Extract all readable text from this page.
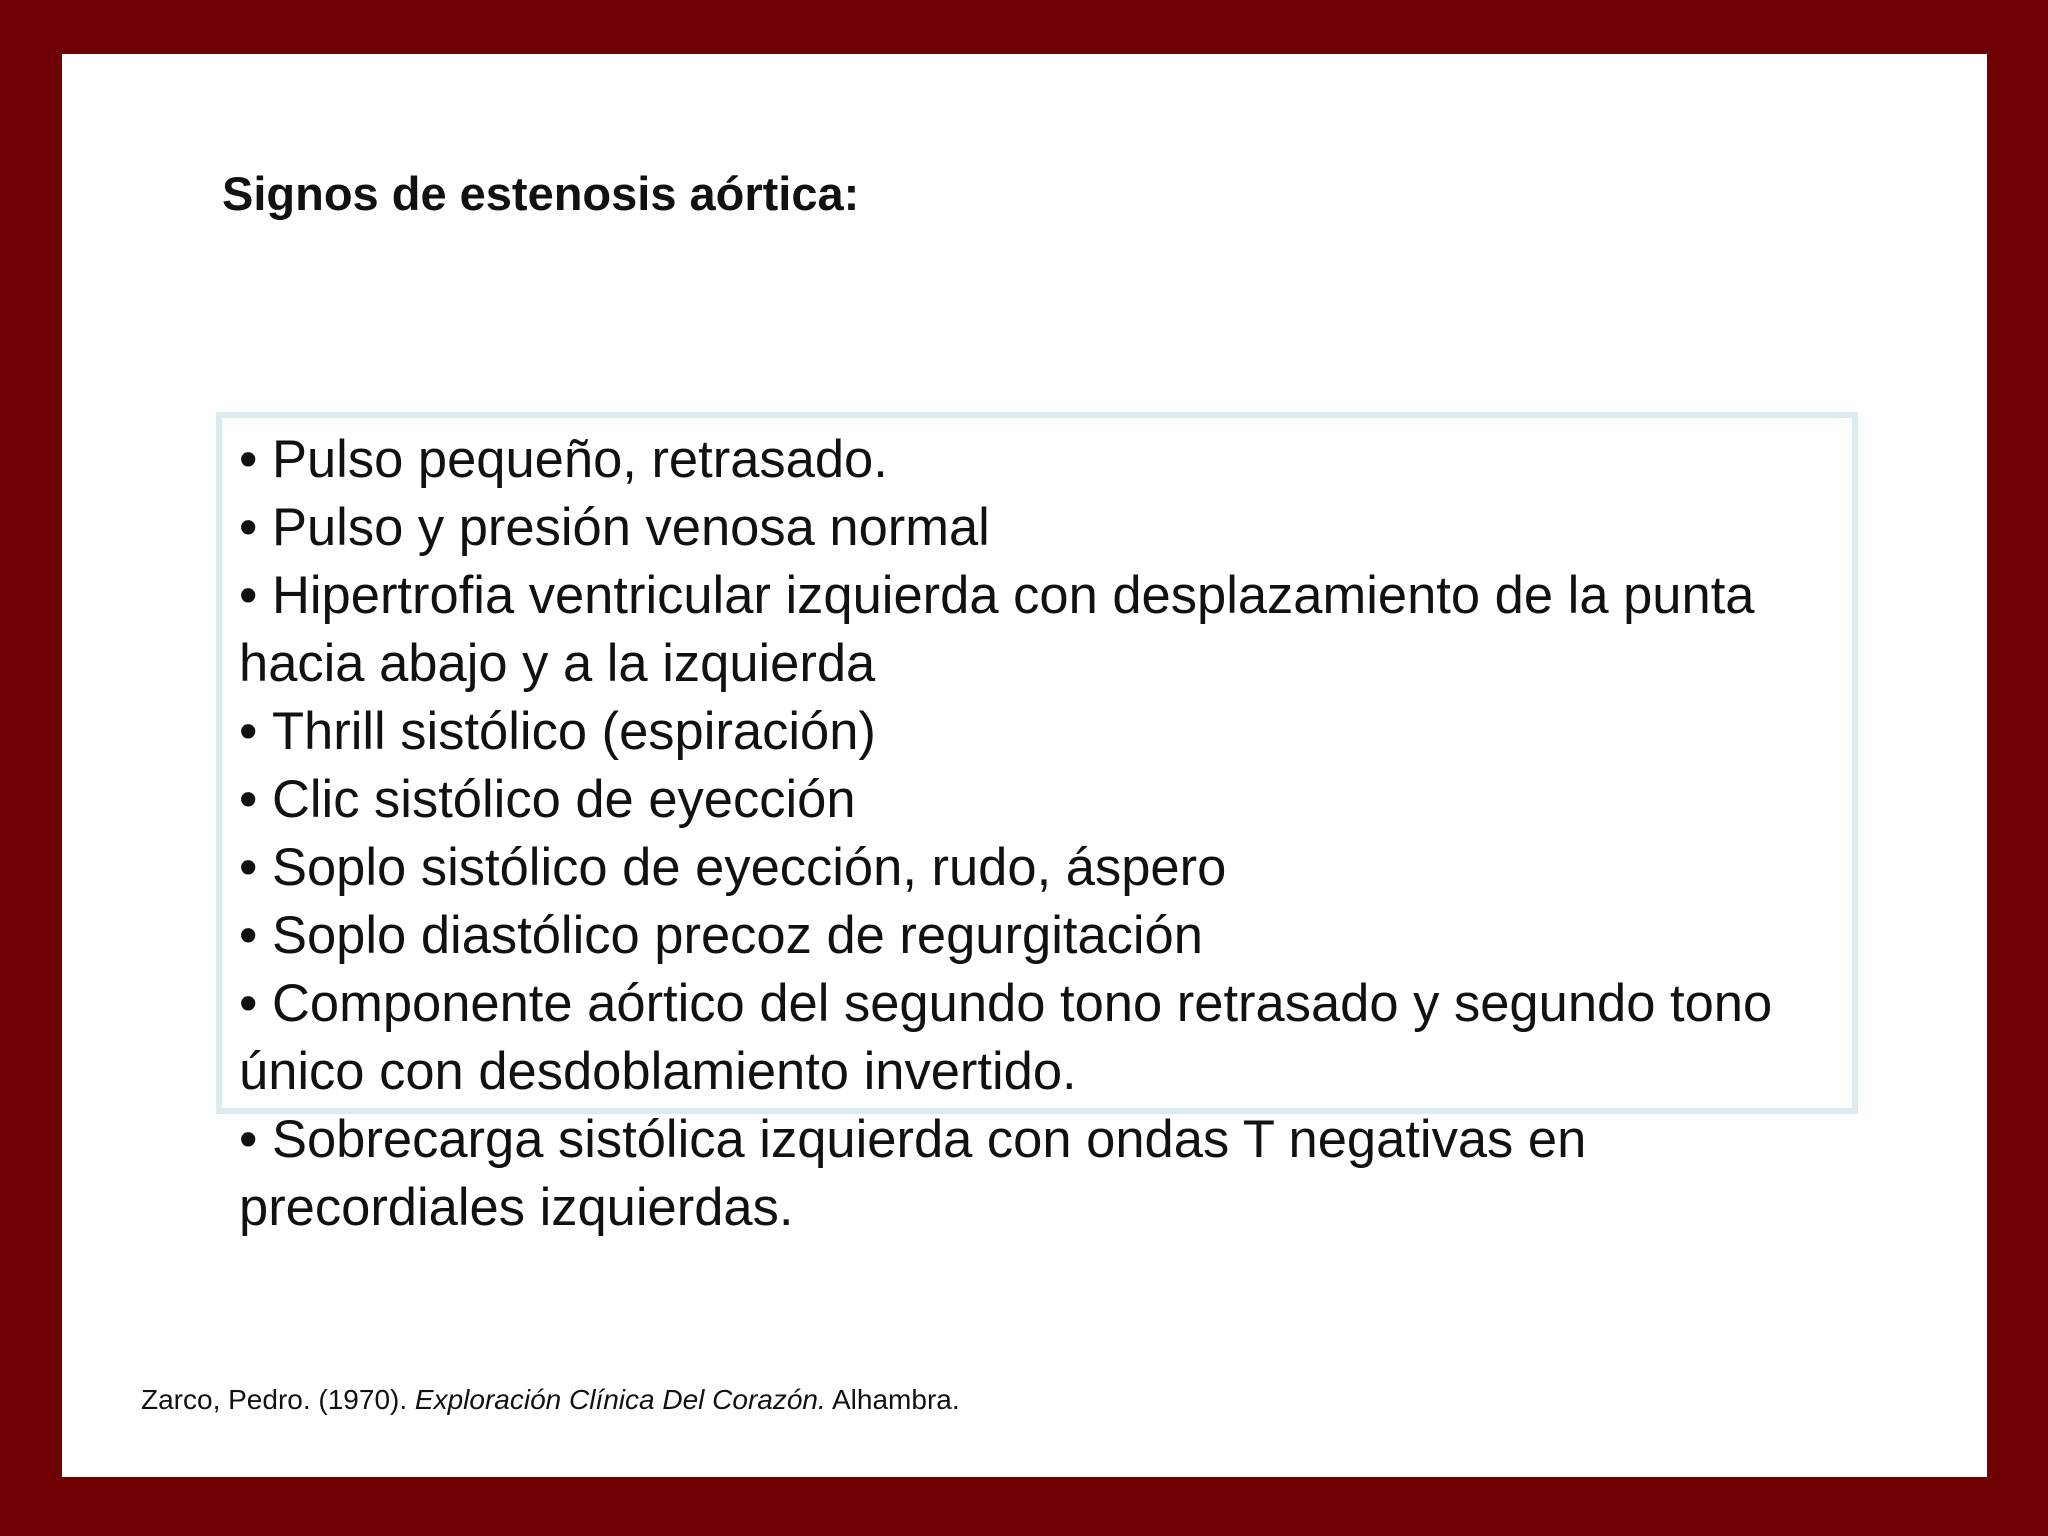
Signos de estenosis aórtica:
• Pulso pequeño, retrasado.
• Pulso y presión venosa normal
• Hipertrofia ventricular izquierda con desplazamiento de la punta hacia abajo y a la izquierda
• Thrill sistólico (espiración)
• Clic sistólico de eyección
• Soplo sistólico de eyección, rudo, áspero
• Soplo diastólico precoz de regurgitación
• Componente aórtico del segundo tono retrasado y segundo tono único con desdoblamiento invertido.
• Sobrecarga sistólica izquierda con ondas T negativas en precordiales izquierdas.

Zarco, Pedro. (1970). Exploración Clínica Del Corazón. Alhambra.
